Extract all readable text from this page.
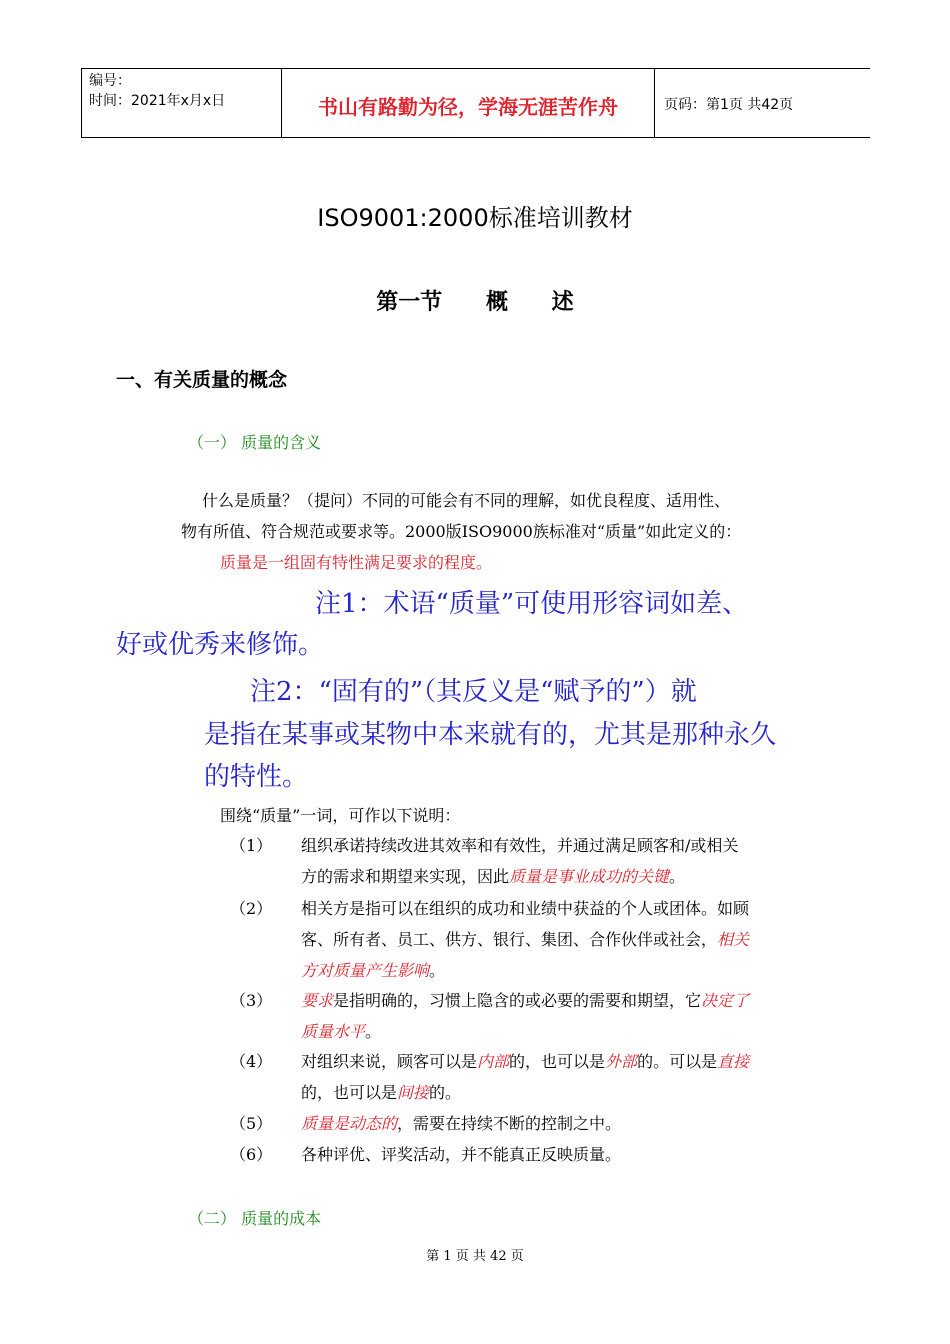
编号：
时间：2021年x月x日	书山有路勤为径，学海无涯苦作舟	页码：第1页 共42页
ISO9001:2000标准培训教材
第一节 概 述
一、有关质量的概念
（一） 质量的含义
什么是质量？（提问）不同的可能会有不同的理解，如优良程度、适用性、
物有所值、符合规范或要求等。2000版ISO9000族标准对“质量”如此定义的：
质量是一组固有特性满足要求的程度。
注1：术语“质量”可使用形容词如差、
好或优秀来修饰。
注2：“固有的”（其反义是“赋予的”）就
是指在某事或某物中本来就有的，尤其是那种永久
的特性。
围绕“质量”一词，可作以下说明：
（1）	组织承诺持续改进其效率和有效性，并通过满足顾客和/或相关
方的需求和期望来实现，因此质量是事业成功的关键。
（2）	相关方是指可以在组织的成功和业绩中获益的个人或团体。如顾
客、所有者、员工、供方、银行、集团、合作伙伴或社会，相关
方对质量产生影响。
（3）	要求是指明确的，习惯上隐含的或必要的需要和期望，它决定了
质量水平。
（4）	对组织来说，顾客可以是内部的，也可以是外部的。可以是直接
的，也可以是间接的。
（5）	质量是动态的，需要在持续不断的控制之中。
（6）	各种评优、评奖活动，并不能真正反映质量。
（二） 质量的成本
第 1 页 共 42 页
